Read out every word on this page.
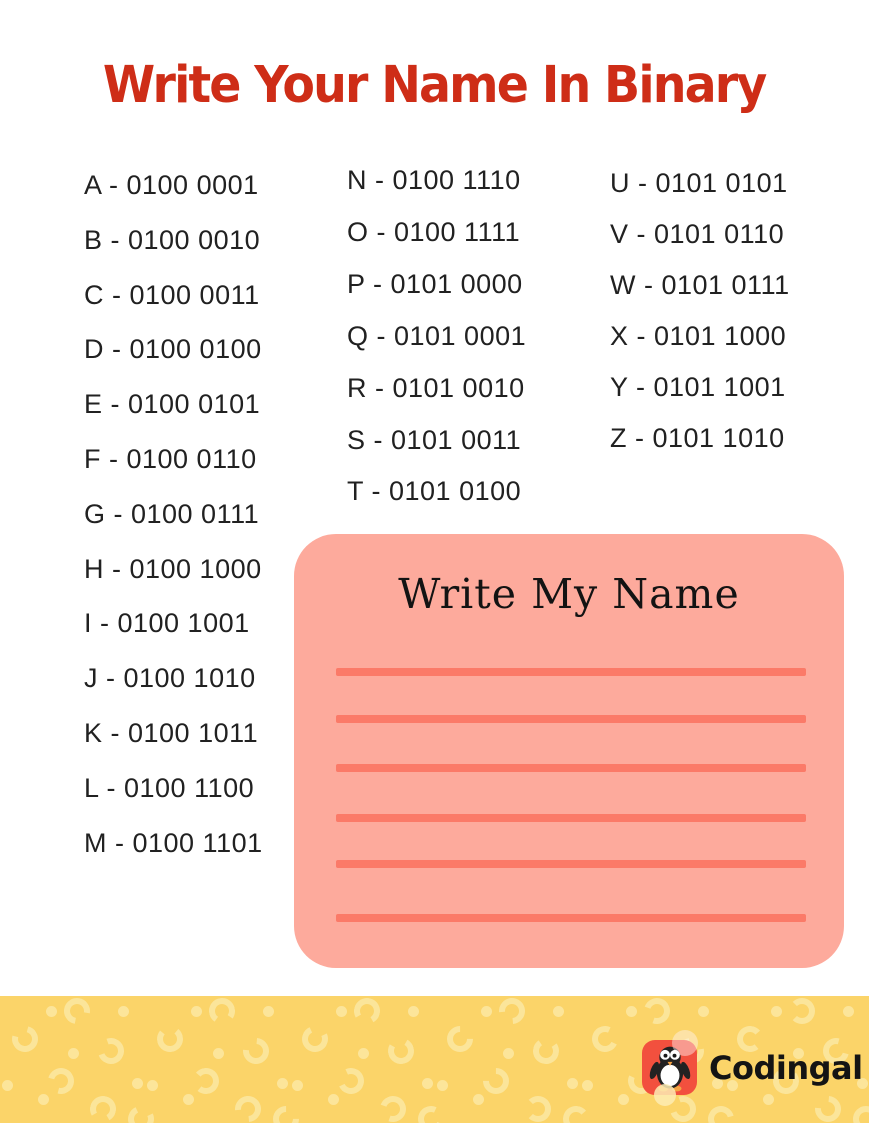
Write Your Name In Binary
A - 0100 0001
B - 0100 0010
C - 0100 0011
D - 0100 0100
E - 0100 0101
F - 0100 0110
G - 0100 0111
H - 0100 1000
I - 0100 1001
J - 0100 1010
K - 0100 1011
L - 0100 1100
M - 0100 1101
N - 0100 1110
O - 0100 1111
P - 0101 0000
Q - 0101 0001
R - 0101 0010
S - 0101 0011
T - 0101 0100
U - 0101 0101
V - 0101 0110
W - 0101 0111
X - 0101 1000
Y - 0101 1001
Z - 0101 1010
Write My Name
Codingal
